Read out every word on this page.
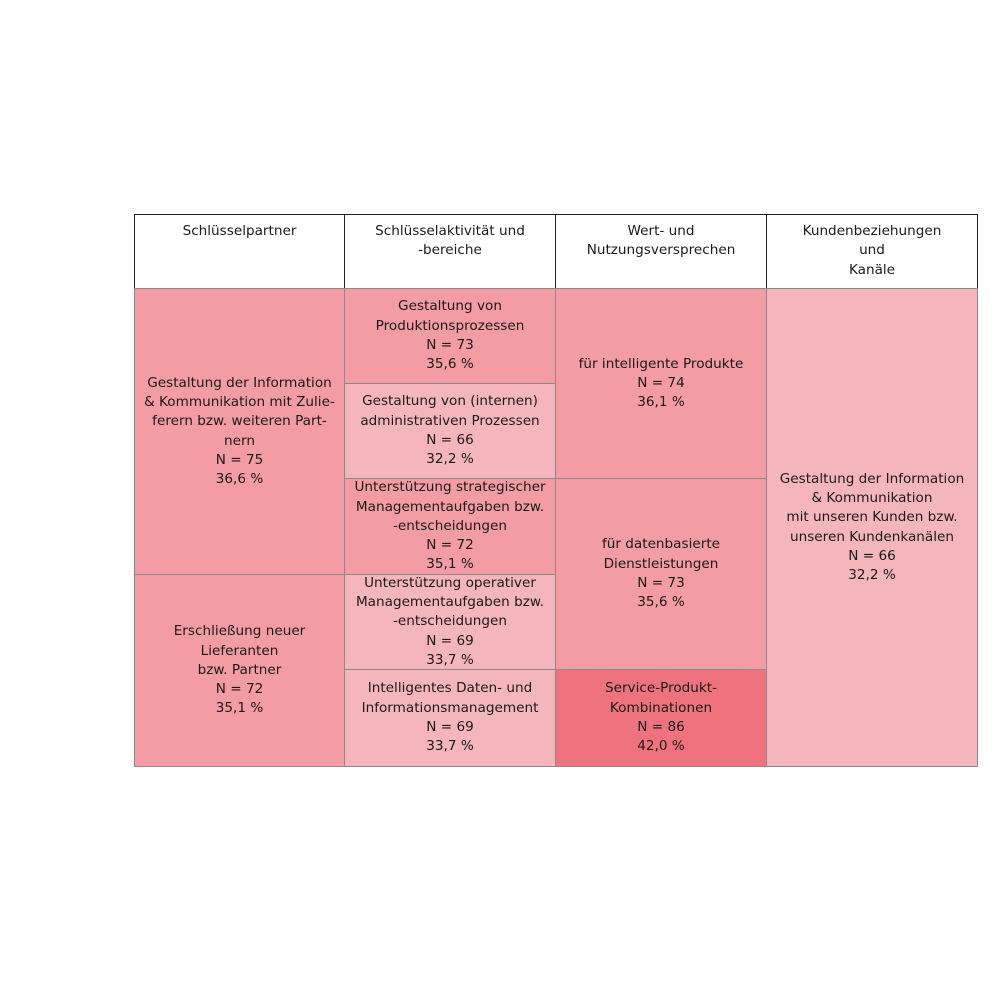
Schlüsselpartner	Schlüsselaktivität und
-bereiche
Wert- und
Nutzungsversprechen
Kundenbeziehungen
und
Kanäle
Gestaltung der Information
& Kommunikation mit Zulie-
ferern bzw. weiteren Part-
nern
N = 75
36,6 %
Erschließung neuer
Lieferanten
bzw. Partner
N = 72
35,1 %
Gestaltung von
Produktionsprozessen
N = 73
35,6 %
Gestaltung von (internen)
administrativen Prozessen
N = 66
32,2 %
Unterstützung strategischer
Managementaufgaben bzw.
-entscheidungen
N = 72
35,1 %
Unterstützung operativer
Managementaufgaben bzw.
-entscheidungen
N = 69
33,7 %
Intelligentes Daten- und
Informationsmanagement
N = 69
33,7 %
für intelligente Produkte
N = 74
36,1 %
für datenbasierte
Dienstleistungen
N = 73
35,6 %
Service-Produkt-
Kombinationen
N = 86
42,0 %
Gestaltung der Information
& Kommunikation
mit unseren Kunden bzw.
unseren Kundenkanälen
N = 66
32,2 %
